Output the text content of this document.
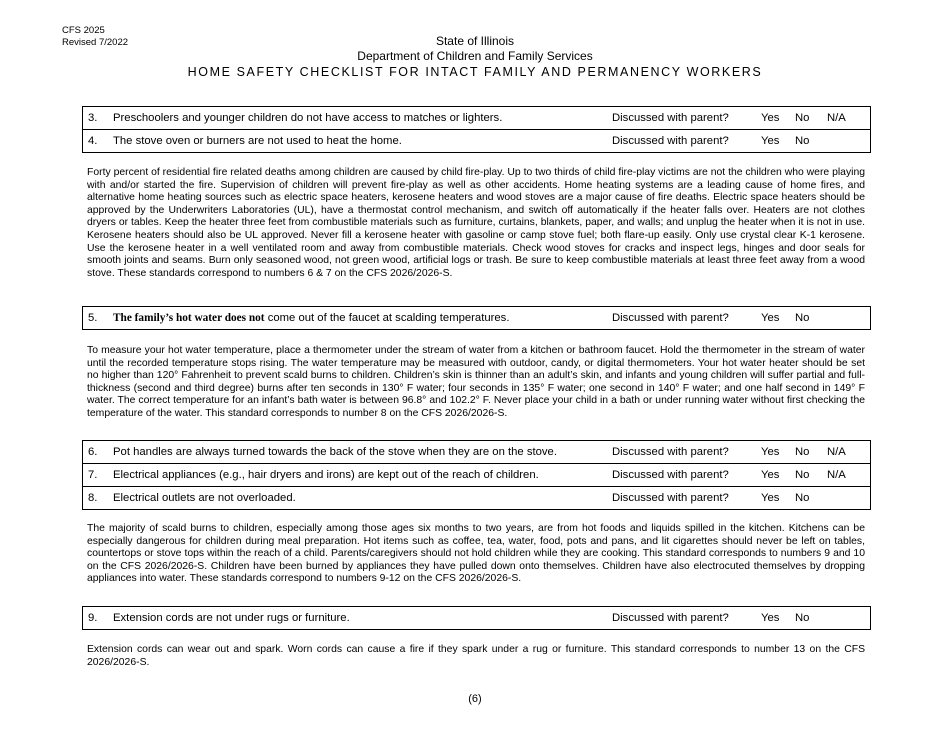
CFS 2025
Revised 7/2022	State of Illinois
Department of Children and Family Services
HOME SAFETY CHECKLIST FOR INTACT FAMILY AND PERMANENCY WORKERS
3.	Preschoolers and younger children do not have access to matches or lighters.	Discussed with parent?	Yes	No	N/A
4.	The stove oven or burners are not used to heat the home.	Discussed with parent?	Yes	No	
Forty percent of residential fire related deaths among children are caused by child fire-play. Up to two thirds of child fire-play victims are not the children who were playing with and/or started the fire. Supervision of children will prevent fire-play as well as other accidents. Home heating systems are a leading cause of home fires, and alternative home heating sources such as electric space heaters, kerosene heaters and wood stoves are a major cause of fire deaths. Electric space heaters should be approved by the Underwriters Laboratories (UL), have a thermostat control mechanism, and switch off automatically if the heater falls over. Heaters are not clothes dryers or tables. Keep the heater three feet from combustible materials such as furniture, curtains, blankets, paper, and walls; and unplug the heater when it is not in use. Kerosene heaters should also be UL approved. Never fill a kerosene heater with gasoline or camp stove fuel; both flare-up easily. Only use crystal clear K-1 kerosene. Use the kerosene heater in a well ventilated room and away from combustible materials. Check wood stoves for cracks and inspect legs, hinges and door seals for smooth joints and seams. Burn only seasoned wood, not green wood, artificial logs or trash. Be sure to keep combustible materials at least three feet away from a wood stove. These standards correspond to numbers 6 & 7 on the CFS 2026/2026-S.
5.	The family’s hot water does not come out of the faucet at scalding temperatures.	Discussed with parent?	Yes	No	
To measure your hot water temperature, place a thermometer under the stream of water from a kitchen or bathroom faucet. Hold the thermometer in the stream of water until the recorded temperature stops rising. The water temperature may be measured with outdoor, candy, or digital thermometers. Your hot water heater should be set no higher than 120° Fahrenheit to prevent scald burns to children. Children’s skin is thinner than an adult’s skin, and infants and young children will suffer partial and full-thickness (second and third degree) burns after ten seconds in 130° F water; four seconds in 135° F water; one second in 140° F water; and one half second in 149° F water. The correct temperature for an infant’s bath water is between 96.8° and 102.2° F. Never place your child in a bath or under running water without first checking the temperature of the water. This standard corresponds to number 8 on the CFS 2026/2026-S.
6.	Pot handles are always turned towards the back of the stove when they are on the stove.	Discussed with parent?	Yes	No	N/A
7.	Electrical appliances (e.g., hair dryers and irons) are kept out of the reach of children.	Discussed with parent?	Yes	No	N/A
8.	Electrical outlets are not overloaded.	Discussed with parent?	Yes	No	
The majority of scald burns to children, especially among those ages six months to two years, are from hot foods and liquids spilled in the kitchen. Kitchens can be especially dangerous for children during meal preparation. Hot items such as coffee, tea, water, food, pots and pans, and lit cigarettes should never be left on tables, countertops or stove tops within the reach of a child. Parents/caregivers should not hold children while they are cooking. This standard corresponds to numbers 9 and 10 on the CFS 2026/2026-S. Children have been burned by appliances they have pulled down onto themselves. Children have also electrocuted themselves by dropping appliances into water. These standards correspond to numbers 9-12 on the CFS 2026/2026-S.
9.	Extension cords are not under rugs or furniture.	Discussed with parent?	Yes	No	
Extension cords can wear out and spark. Worn cords can cause a fire if they spark under a rug or furniture. This standard corresponds to number 13 on the CFS 2026/2026-S.
(6)
